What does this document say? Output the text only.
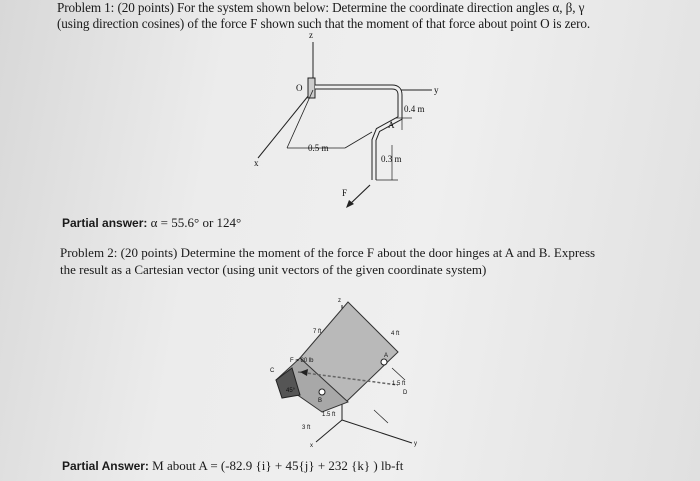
Problem 1: (20 points) For the system shown below: Determine the coordinate direction angles α, β, γ
(using direction cosines) of the force F shown such that the moment of that force about point O is zero.
z
O	y
0.4 m
A
0.5 m
0.3 m
x
F
Partial answer: α = 55.6° or 124°
Problem 2: (20 points) Determine the moment of the force F about the door hinges at A and B. Express
the result as a Cartesian vector (using unit vectors of the given coordinate system)
z
7 ft	4 ft
F = 80 lb
C
A
1.5 ft
D
B
45°
1.5 ft
3 ft
y
x
Partial Answer: M about A = (-82.9 {i} + 45{j} + 232 {k} ) lb-ft
